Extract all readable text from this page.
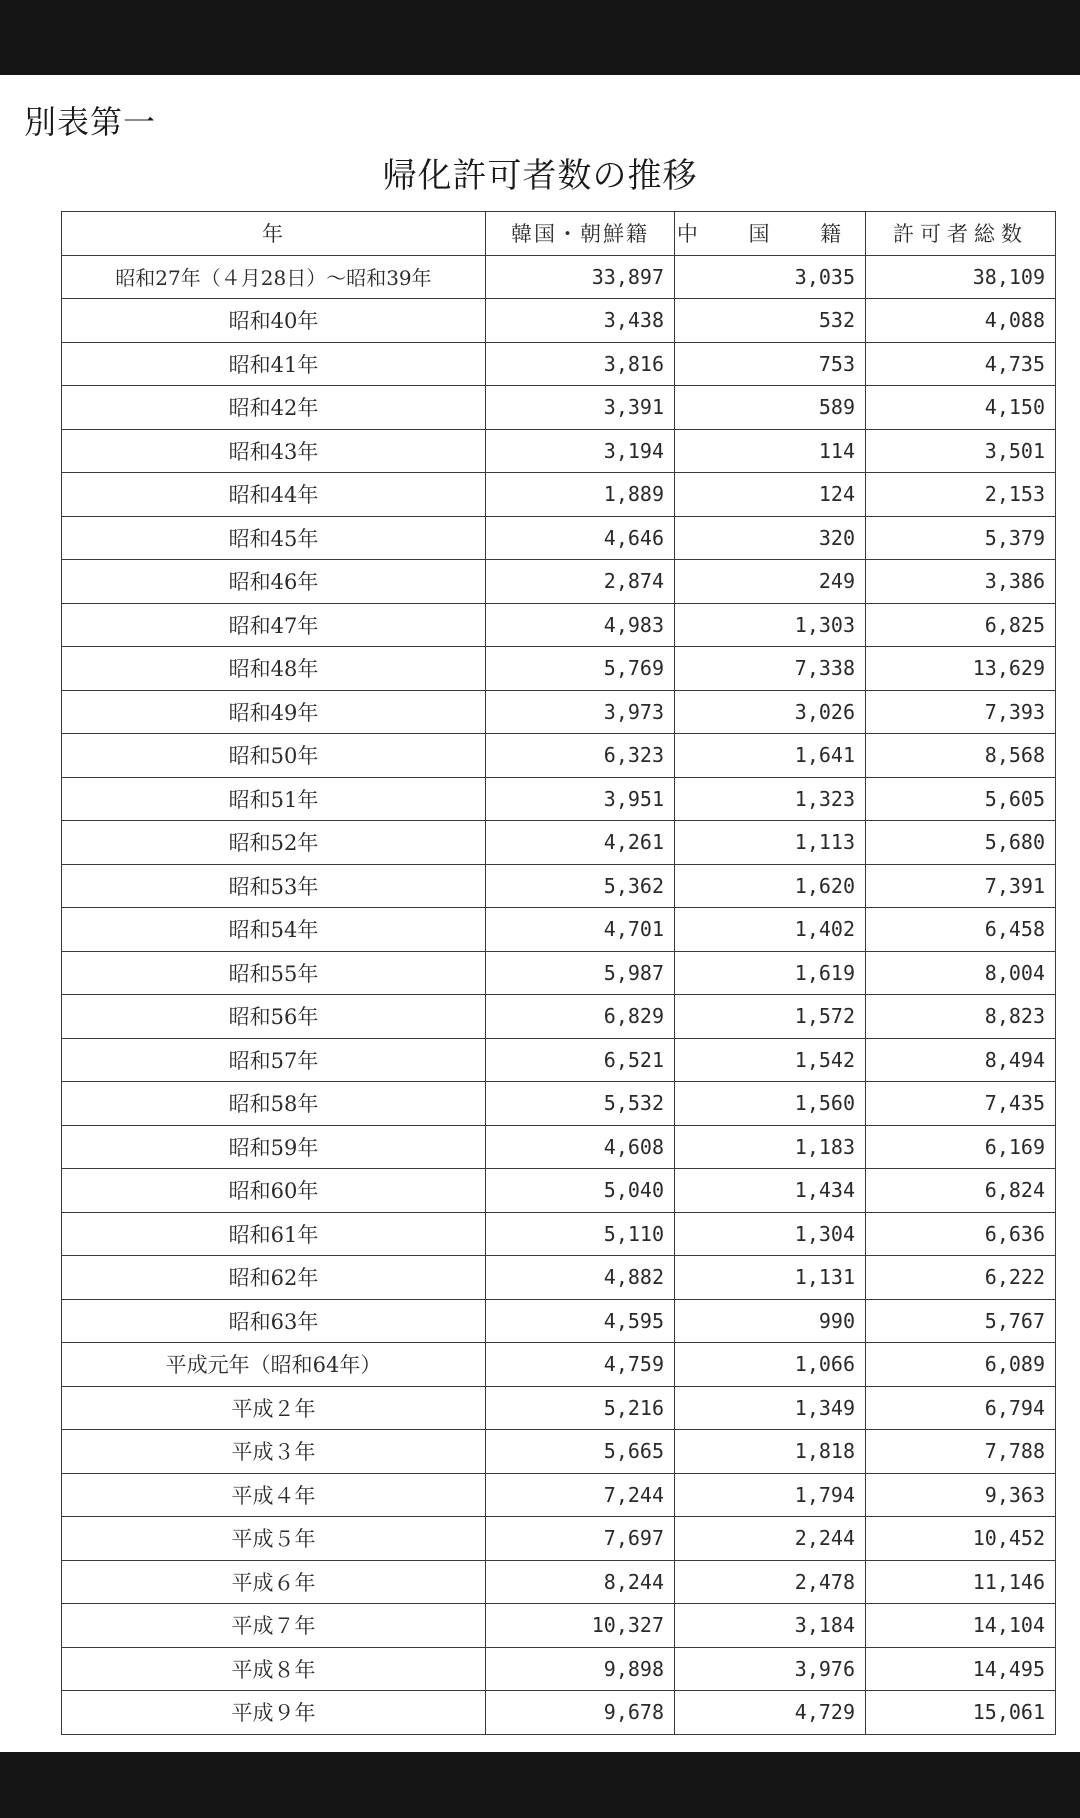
別表第一
帰化許可者数の推移
年	韓国・朝鮮籍	中 国 籍	許可者総数
昭和27年（４月28日）～昭和39年	33,897	3,035	38,109
昭和40年	3,438	532	4,088
昭和41年	3,816	753	4,735
昭和42年	3,391	589	4,150
昭和43年	3,194	114	3,501
昭和44年	1,889	124	2,153
昭和45年	4,646	320	5,379
昭和46年	2,874	249	3,386
昭和47年	4,983	1,303	6,825
昭和48年	5,769	7,338	13,629
昭和49年	3,973	3,026	7,393
昭和50年	6,323	1,641	8,568
昭和51年	3,951	1,323	5,605
昭和52年	4,261	1,113	5,680
昭和53年	5,362	1,620	7,391
昭和54年	4,701	1,402	6,458
昭和55年	5,987	1,619	8,004
昭和56年	6,829	1,572	8,823
昭和57年	6,521	1,542	8,494
昭和58年	5,532	1,560	7,435
昭和59年	4,608	1,183	6,169
昭和60年	5,040	1,434	6,824
昭和61年	5,110	1,304	6,636
昭和62年	4,882	1,131	6,222
昭和63年	4,595	990	5,767
平成元年（昭和64年）	4,759	1,066	6,089
平成２年	5,216	1,349	6,794
平成３年	5,665	1,818	7,788
平成４年	7,244	1,794	9,363
平成５年	7,697	2,244	10,452
平成６年	8,244	2,478	11,146
平成７年	10,327	3,184	14,104
平成８年	9,898	3,976	14,495
平成９年	9,678	4,729	15,061
